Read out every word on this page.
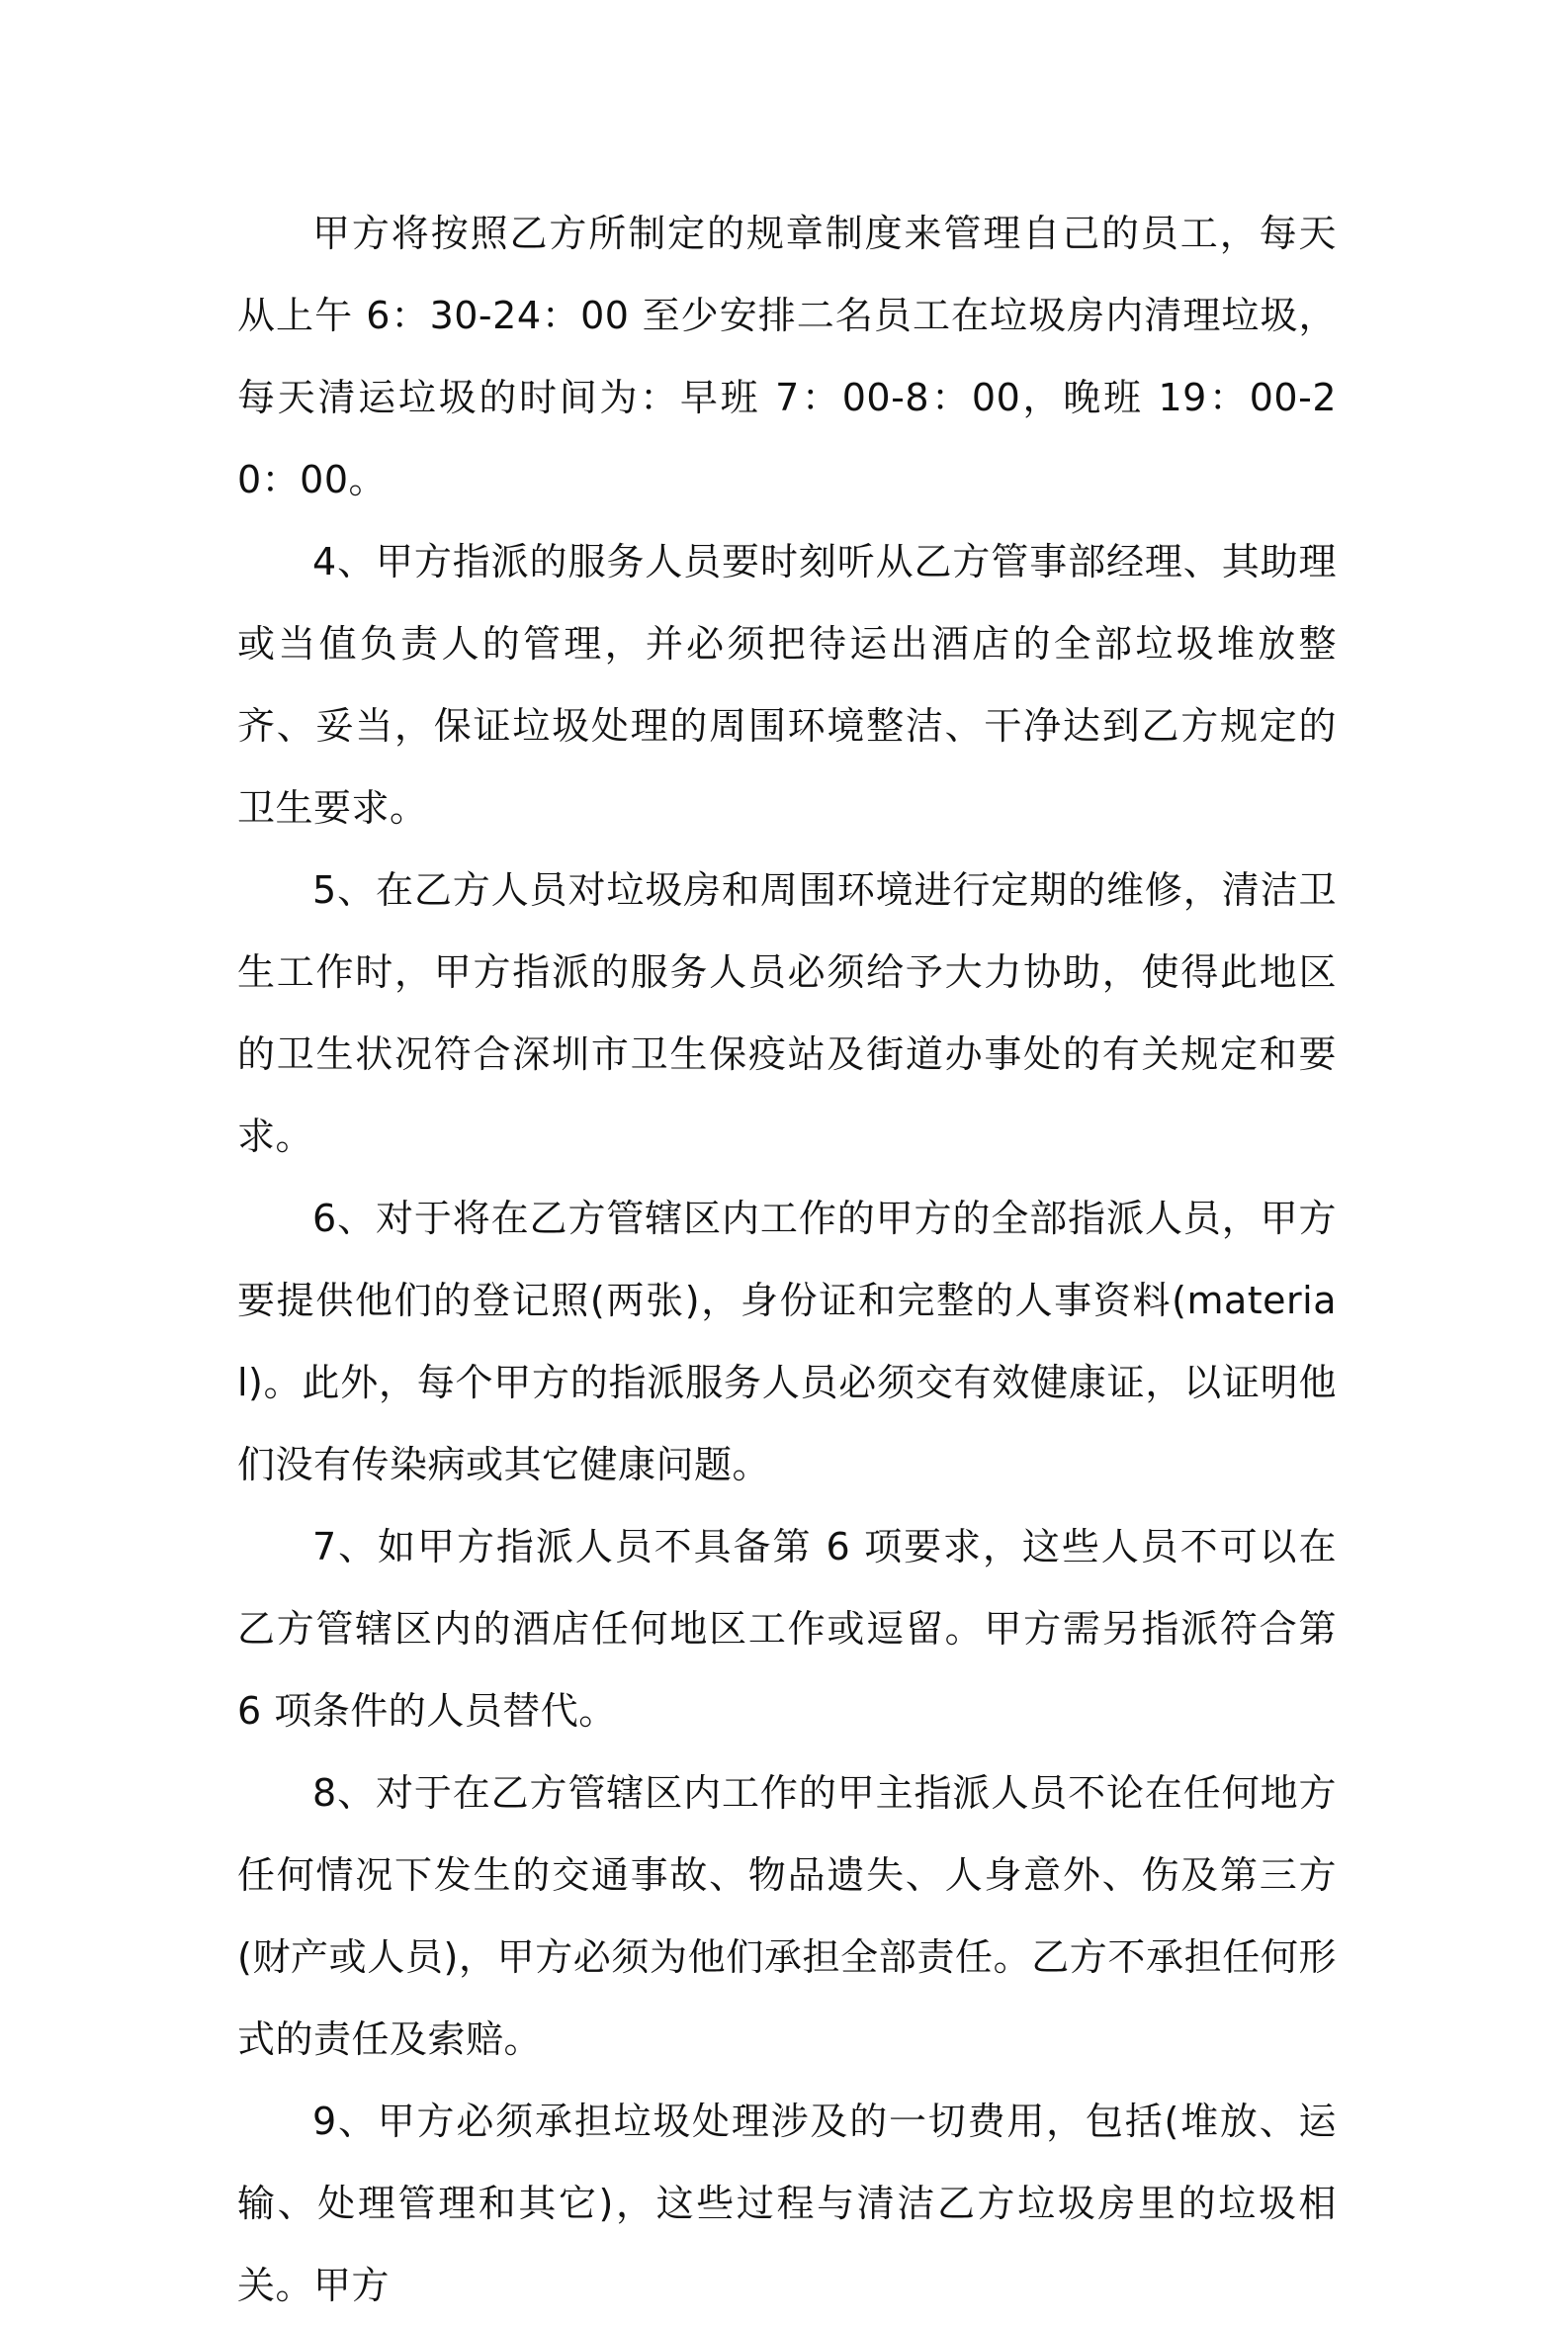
甲方将按照乙方所制定的规章制度来管理自己的员工，每天从上午 6：30-24：00 至少安排二名员工在垃圾房内清理垃圾，每天清运垃圾的时间为：早班 7：00-8：00，晚班 19：00-20：00。

4、甲方指派的服务人员要时刻听从乙方管事部经理、其助理或当值负责人的管理，并必须把待运出酒店的全部垃圾堆放整齐、妥当，保证垃圾处理的周围环境整洁、干净达到乙方规定的卫生要求。

5、在乙方人员对垃圾房和周围环境进行定期的维修，清洁卫生工作时，甲方指派的服务人员必须给予大力协助，使得此地区的卫生状况符合深圳市卫生保疫站及街道办事处的有关规定和要求。

6、对于将在乙方管辖区内工作的甲方的全部指派人员，甲方要提供他们的登记照(两张)，身份证和完整的人事资料(material)。此外，每个甲方的指派服务人员必须交有效健康证，以证明他们没有传染病或其它健康问题。

7、如甲方指派人员不具备第 6 项要求，这些人员不可以在乙方管辖区内的酒店任何地区工作或逗留。甲方需另指派符合第 6 项条件的人员替代。

8、对于在乙方管辖区内工作的甲主指派人员不论在任何地方任何情况下发生的交通事故、物品遗失、人身意外、伤及第三方(财产或人员)，甲方必须为他们承担全部责任。乙方不承担任何形式的责任及索赔。

9、甲方必须承担垃圾处理涉及的一切费用，包括(堆放、运输、处理管理和其它)，这些过程与清洁乙方垃圾房里的垃圾相关。甲方
